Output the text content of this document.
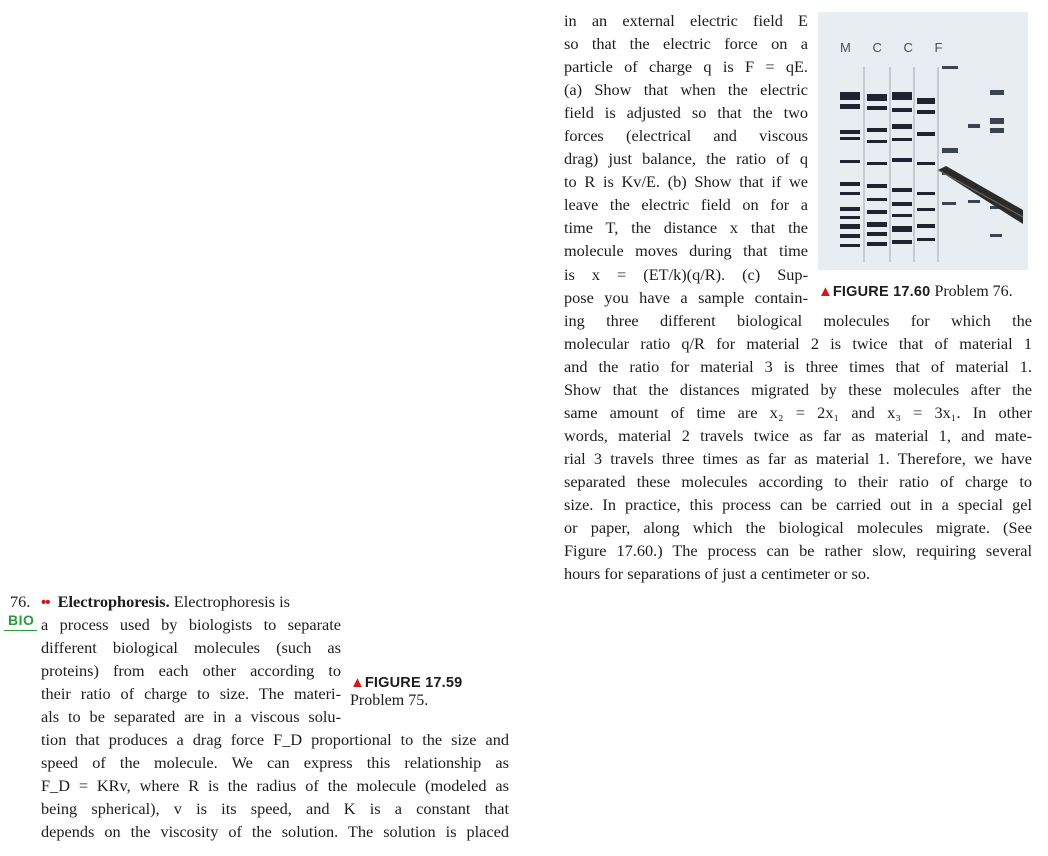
in an external electric field E
so that the electric force on a
particle of charge q is F = qE.
(a) Show that when the electric
field is adjusted so that the two
forces (electrical and viscous
drag) just balance, the ratio of q
to R is Kv/E. (b) Show that if we
leave the electric field on for a
time T, the distance x that the
molecule moves during that time
is x = (ET/k)(q/R). (c) Sup-
pose you have a sample contain-
ing three different biological molecules for which the
molecular ratio q/R for material 2 is twice that of material 1
and the ratio for material 3 is three times that of material 1.
Show that the distances migrated by these molecules after the
same amount of time are x₂ = 2x₁ and x₃ = 3x₁. In other
words, material 2 travels twice as far as material 1, and mate-
rial 3 travels three times as far as material 1. Therefore, we have
separated these molecules according to their ratio of charge to
size. In practice, this process can be carried out in a special gel
or paper, along which the biological molecules migrate. (See
Figure 17.60.) The process can be rather slow, requiring several
hours for separations of just a centimeter or so.
M C C F
▲FIGURE 17.60 Problem 76.
76.
BIO
•• Electrophoresis. Electrophoresis is
a process used by biologists to separate
different biological molecules (such as
proteins) from each other according to
their ratio of charge to size. The materi-
als to be separated are in a viscous solu-
tion that produces a drag force F_D proportional to the size and
speed of the molecule. We can express this relationship as
F_D = KRv, where R is the radius of the molecule (modeled as
being spherical), v is its speed, and K is a constant that
depends on the viscosity of the solution. The solution is placed
▲FIGURE 17.59
Problem 75.
